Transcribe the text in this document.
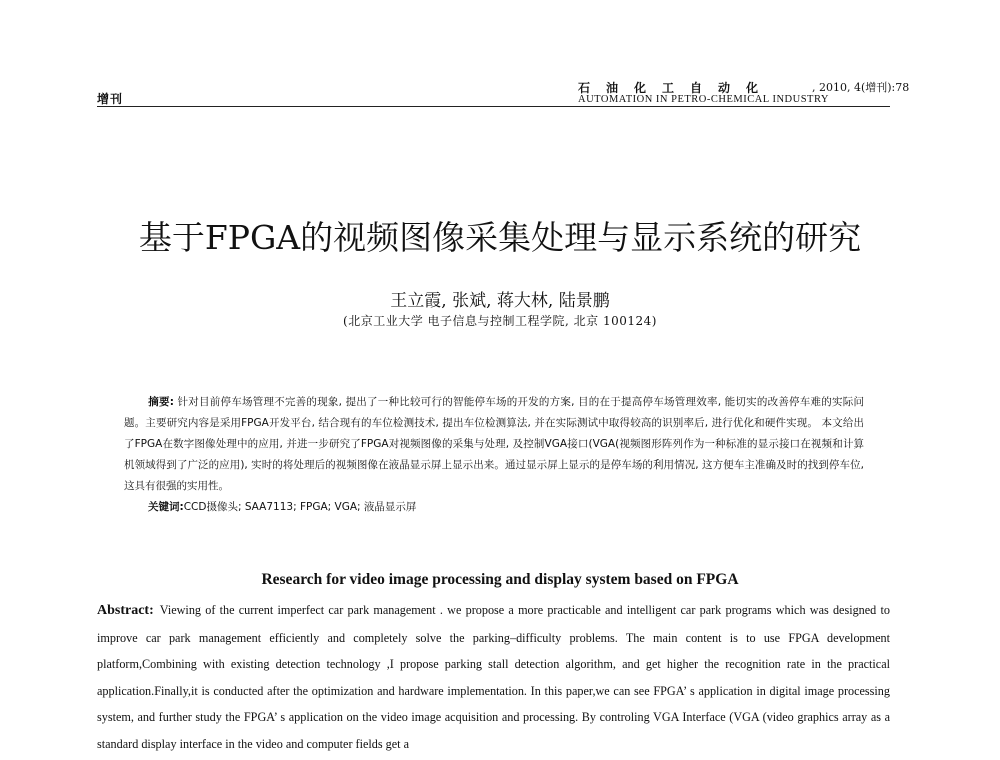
增刊
石油化工自动化	, 2010, 4(增刊):78
AUTOMATION IN PETRO-CHEMICAL INDUSTRY
基于FPGA的视频图像采集处理与显示系统的研究
王立霞, 张斌, 蒋大林, 陆景鹏
(北京工业大学 电子信息与控制工程学院, 北京 100124)
摘要: 针对目前停车场管理不完善的现象, 提出了一种比较可行的智能停车场的开发的方案, 目的在于提高停车场管理效率, 能切实的改善停车难的实际问题。主要研究内容是采用FPGA开发平台, 结合现有的车位检测技术, 提出车位检测算法, 并在实际测试中取得较高的识别率后, 进行优化和硬件实现。 本文给出了FPGA在数字图像处理中的应用, 并进一步研究了FPGA对视频图像的采集与处理, 及控制VGA接口(VGA(视频图形阵列作为一种标准的显示接口在视频和计算机领域得到了广泛的应用), 实时的将处理后的视频图像在液晶显示屏上显示出来。通过显示屏上显示的是停车场的利用情况, 这方便车主准确及时的找到停车位, 这具有很强的实用性。
关键词:CCD摄像头; SAA7113; FPGA; VGA; 液晶显示屏
Research for video image processing and display system based on FPGA
Abstract: Viewing of the current imperfect car park management . we propose a more practicable and intelligent car park programs which was designed to improve car park management efficiently and completely solve the parking–difficulty problems. The main content is to use FPGA development platform,Combining with existing detection technology ,I propose parking stall detection algorithm, and get higher the recognition rate in the practical application.Finally,it is conducted after the optimization and hardware implementation. In this paper,we can see FPGA’ s application in digital image processing system, and further study the FPGA’ s application on the video image acquisition and processing. By controling VGA Interface (VGA (video graphics array as a standard display interface in the video and computer fields get a
